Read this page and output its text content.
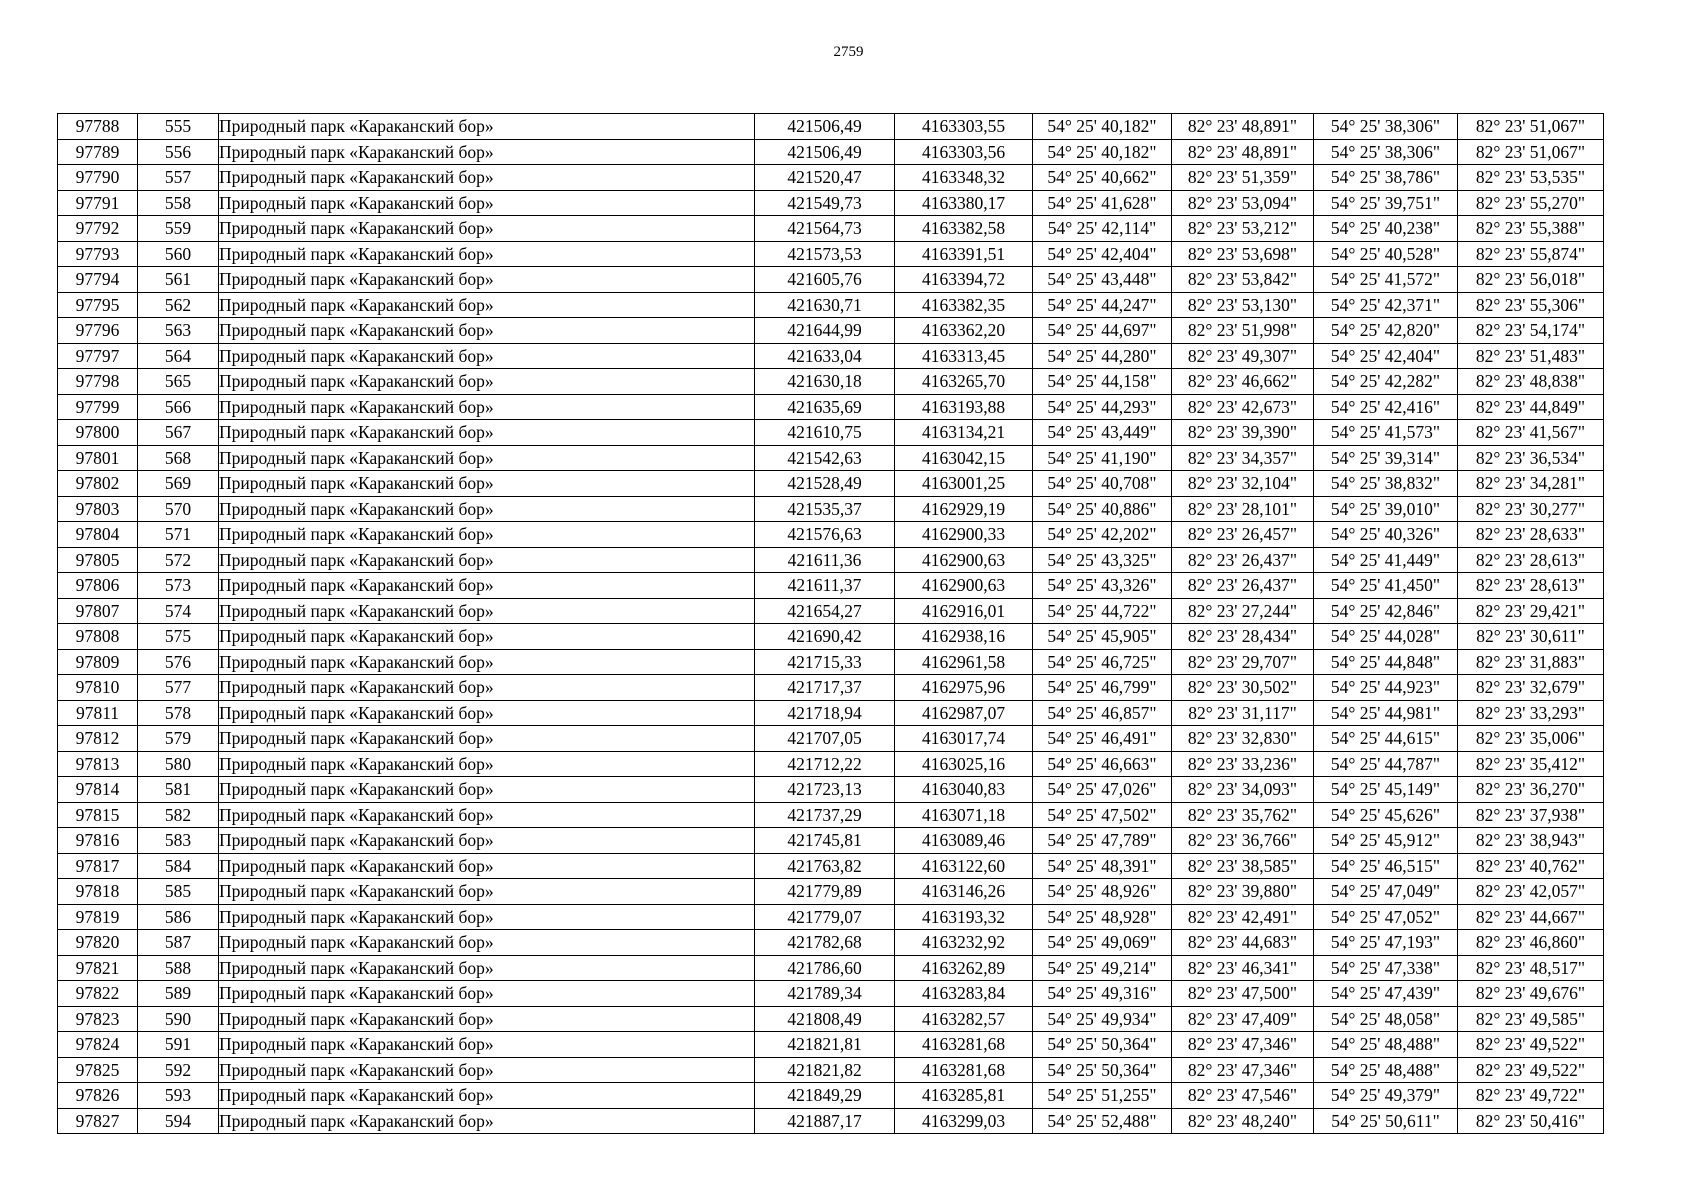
2759
97788	555	Природный парк «Караканский бор»	421506,49	4163303,55	54° 25' 40,182"	82° 23' 48,891"	54° 25' 38,306"	82° 23' 51,067"
97789	556	Природный парк «Караканский бор»	421506,49	4163303,56	54° 25' 40,182"	82° 23' 48,891"	54° 25' 38,306"	82° 23' 51,067"
97790	557	Природный парк «Караканский бор»	421520,47	4163348,32	54° 25' 40,662"	82° 23' 51,359"	54° 25' 38,786"	82° 23' 53,535"
97791	558	Природный парк «Караканский бор»	421549,73	4163380,17	54° 25' 41,628"	82° 23' 53,094"	54° 25' 39,751"	82° 23' 55,270"
97792	559	Природный парк «Караканский бор»	421564,73	4163382,58	54° 25' 42,114"	82° 23' 53,212"	54° 25' 40,238"	82° 23' 55,388"
97793	560	Природный парк «Караканский бор»	421573,53	4163391,51	54° 25' 42,404"	82° 23' 53,698"	54° 25' 40,528"	82° 23' 55,874"
97794	561	Природный парк «Караканский бор»	421605,76	4163394,72	54° 25' 43,448"	82° 23' 53,842"	54° 25' 41,572"	82° 23' 56,018"
97795	562	Природный парк «Караканский бор»	421630,71	4163382,35	54° 25' 44,247"	82° 23' 53,130"	54° 25' 42,371"	82° 23' 55,306"
97796	563	Природный парк «Караканский бор»	421644,99	4163362,20	54° 25' 44,697"	82° 23' 51,998"	54° 25' 42,820"	82° 23' 54,174"
97797	564	Природный парк «Караканский бор»	421633,04	4163313,45	54° 25' 44,280"	82° 23' 49,307"	54° 25' 42,404"	82° 23' 51,483"
97798	565	Природный парк «Караканский бор»	421630,18	4163265,70	54° 25' 44,158"	82° 23' 46,662"	54° 25' 42,282"	82° 23' 48,838"
97799	566	Природный парк «Караканский бор»	421635,69	4163193,88	54° 25' 44,293"	82° 23' 42,673"	54° 25' 42,416"	82° 23' 44,849"
97800	567	Природный парк «Караканский бор»	421610,75	4163134,21	54° 25' 43,449"	82° 23' 39,390"	54° 25' 41,573"	82° 23' 41,567"
97801	568	Природный парк «Караканский бор»	421542,63	4163042,15	54° 25' 41,190"	82° 23' 34,357"	54° 25' 39,314"	82° 23' 36,534"
97802	569	Природный парк «Караканский бор»	421528,49	4163001,25	54° 25' 40,708"	82° 23' 32,104"	54° 25' 38,832"	82° 23' 34,281"
97803	570	Природный парк «Караканский бор»	421535,37	4162929,19	54° 25' 40,886"	82° 23' 28,101"	54° 25' 39,010"	82° 23' 30,277"
97804	571	Природный парк «Караканский бор»	421576,63	4162900,33	54° 25' 42,202"	82° 23' 26,457"	54° 25' 40,326"	82° 23' 28,633"
97805	572	Природный парк «Караканский бор»	421611,36	4162900,63	54° 25' 43,325"	82° 23' 26,437"	54° 25' 41,449"	82° 23' 28,613"
97806	573	Природный парк «Караканский бор»	421611,37	4162900,63	54° 25' 43,326"	82° 23' 26,437"	54° 25' 41,450"	82° 23' 28,613"
97807	574	Природный парк «Караканский бор»	421654,27	4162916,01	54° 25' 44,722"	82° 23' 27,244"	54° 25' 42,846"	82° 23' 29,421"
97808	575	Природный парк «Караканский бор»	421690,42	4162938,16	54° 25' 45,905"	82° 23' 28,434"	54° 25' 44,028"	82° 23' 30,611"
97809	576	Природный парк «Караканский бор»	421715,33	4162961,58	54° 25' 46,725"	82° 23' 29,707"	54° 25' 44,848"	82° 23' 31,883"
97810	577	Природный парк «Караканский бор»	421717,37	4162975,96	54° 25' 46,799"	82° 23' 30,502"	54° 25' 44,923"	82° 23' 32,679"
97811	578	Природный парк «Караканский бор»	421718,94	4162987,07	54° 25' 46,857"	82° 23' 31,117"	54° 25' 44,981"	82° 23' 33,293"
97812	579	Природный парк «Караканский бор»	421707,05	4163017,74	54° 25' 46,491"	82° 23' 32,830"	54° 25' 44,615"	82° 23' 35,006"
97813	580	Природный парк «Караканский бор»	421712,22	4163025,16	54° 25' 46,663"	82° 23' 33,236"	54° 25' 44,787"	82° 23' 35,412"
97814	581	Природный парк «Караканский бор»	421723,13	4163040,83	54° 25' 47,026"	82° 23' 34,093"	54° 25' 45,149"	82° 23' 36,270"
97815	582	Природный парк «Караканский бор»	421737,29	4163071,18	54° 25' 47,502"	82° 23' 35,762"	54° 25' 45,626"	82° 23' 37,938"
97816	583	Природный парк «Караканский бор»	421745,81	4163089,46	54° 25' 47,789"	82° 23' 36,766"	54° 25' 45,912"	82° 23' 38,943"
97817	584	Природный парк «Караканский бор»	421763,82	4163122,60	54° 25' 48,391"	82° 23' 38,585"	54° 25' 46,515"	82° 23' 40,762"
97818	585	Природный парк «Караканский бор»	421779,89	4163146,26	54° 25' 48,926"	82° 23' 39,880"	54° 25' 47,049"	82° 23' 42,057"
97819	586	Природный парк «Караканский бор»	421779,07	4163193,32	54° 25' 48,928"	82° 23' 42,491"	54° 25' 47,052"	82° 23' 44,667"
97820	587	Природный парк «Караканский бор»	421782,68	4163232,92	54° 25' 49,069"	82° 23' 44,683"	54° 25' 47,193"	82° 23' 46,860"
97821	588	Природный парк «Караканский бор»	421786,60	4163262,89	54° 25' 49,214"	82° 23' 46,341"	54° 25' 47,338"	82° 23' 48,517"
97822	589	Природный парк «Караканский бор»	421789,34	4163283,84	54° 25' 49,316"	82° 23' 47,500"	54° 25' 47,439"	82° 23' 49,676"
97823	590	Природный парк «Караканский бор»	421808,49	4163282,57	54° 25' 49,934"	82° 23' 47,409"	54° 25' 48,058"	82° 23' 49,585"
97824	591	Природный парк «Караканский бор»	421821,81	4163281,68	54° 25' 50,364"	82° 23' 47,346"	54° 25' 48,488"	82° 23' 49,522"
97825	592	Природный парк «Караканский бор»	421821,82	4163281,68	54° 25' 50,364"	82° 23' 47,346"	54° 25' 48,488"	82° 23' 49,522"
97826	593	Природный парк «Караканский бор»	421849,29	4163285,81	54° 25' 51,255"	82° 23' 47,546"	54° 25' 49,379"	82° 23' 49,722"
97827	594	Природный парк «Караканский бор»	421887,17	4163299,03	54° 25' 52,488"	82° 23' 48,240"	54° 25' 50,611"	82° 23' 50,416"
